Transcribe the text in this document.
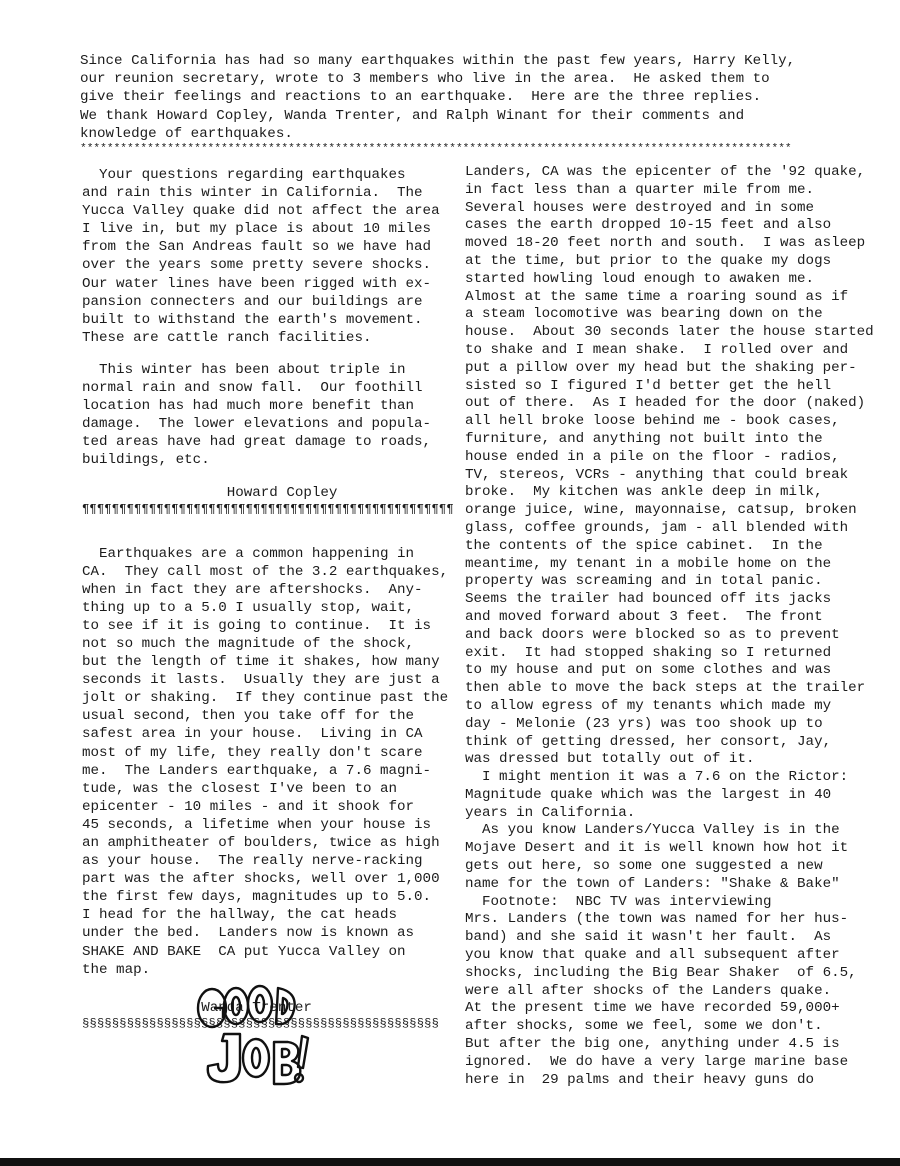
Since California has had so many earthquakes within the past few years, Harry Kelly,
our reunion secretary, wrote to 3 members who live in the area.  He asked them to
give their feelings and reactions to an earthquake.  Here are the three replies.
We thank Howard Copley, Wanda Trenter, and Ralph Winant for their comments and
knowledge of earthquakes.
**********************************************************************************************************
Your questions regarding earthquakes
and rain this winter in California.  The
Yucca Valley quake did not affect the area
I live in, but my place is about 10 miles
from the San Andreas fault so we have had
over the years some pretty severe shocks.
Our water lines have been rigged with ex-
pansion connecters and our buildings are
built to withstand the earth's movement.
These are cattle ranch facilities.
This winter has been about triple in
normal rain and snow fall.  Our foothill
location has had much more benefit than
damage.  The lower elevations and popula-
ted areas have had great damage to roads,
buildings, etc.
Howard Copley
¶¶¶¶¶¶¶¶¶¶¶¶¶¶¶¶¶¶¶¶¶¶¶¶¶¶¶¶¶¶¶¶¶¶¶¶¶¶¶¶¶¶¶¶¶¶¶¶¶¶
Earthquakes are a common happening in
CA.  They call most of the 3.2 earthquakes,
when in fact they are aftershocks.  Any-
thing up to a 5.0 I usually stop, wait,
to see if it is going to continue.  It is
not so much the magnitude of the shock,
but the length of time it shakes, how many
seconds it lasts.  Usually they are just a
jolt or shaking.  If they continue past the
usual second, then you take off for the
safest area in your house.  Living in CA
most of my life, they really don't scare
me.  The Landers earthquake, a 7.6 magni-
tude, was the closest I've been to an
epicenter - 10 miles - and it shook for
45 seconds, a lifetime when your house is
an amphitheater of boulders, twice as high
as your house.  The really nerve-racking
part was the after shocks, well over 1,000
the first few days, magnitudes up to 5.0.
I head for the hallway, the cat heads
under the bed.  Landers now is known as
SHAKE AND BAKE  CA put Yucca Valley on
the map.
Wanda Trenter
§§§§§§§§§§§§§§§§§§§§§§§§§§§§§§§§§§§§§§§§§§§§§§§§
Landers, CA was the epicenter of the '92 quake,
in fact less than a quarter mile from me.
Several houses were destroyed and in some
cases the earth dropped 10-15 feet and also
moved 18-20 feet north and south.  I was asleep
at the time, but prior to the quake my dogs
started howling loud enough to awaken me.
Almost at the same time a roaring sound as if
a steam locomotive was bearing down on the
house.  About 30 seconds later the house started
to shake and I mean shake.  I rolled over and
put a pillow over my head but the shaking per-
sisted so I figured I'd better get the hell
out of there.  As I headed for the door (naked)
all hell broke loose behind me - book cases,
furniture, and anything not built into the
house ended in a pile on the floor - radios,
TV, stereos, VCRs - anything that could break
broke.  My kitchen was ankle deep in milk,
orange juice, wine, mayonnaise, catsup, broken
glass, coffee grounds, jam - all blended with
the contents of the spice cabinet.  In the
meantime, my tenant in a mobile home on the
property was screaming and in total panic.
Seems the trailer had bounced off its jacks
and moved forward about 3 feet.  The front
and back doors were blocked so as to prevent
exit.  It had stopped shaking so I returned
to my house and put on some clothes and was
then able to move the back steps at the trailer
to allow egress of my tenants which made my
day - Melonie (23 yrs) was too shook up to
think of getting dressed, her consort, Jay,
was dressed but totally out of it.
I might mention it was a 7.6 on the Rictor:
Magnitude quake which was the largest in 40
years in California.
As you know Landers/Yucca Valley is in the
Mojave Desert and it is well known how hot it
gets out here, so some one suggested a new
name for the town of Landers: "Shake & Bake"
Footnote:  NBC TV was interviewing
Mrs. Landers (the town was named for her hus-
band) and she said it wasn't her fault.  As
you know that quake and all subsequent after
shocks, including the Big Bear Shaker  of 6.5,
were all after shocks of the Landers quake.
At the present time we have recorded 59,000+
after shocks, some we feel, some we don't.
But after the big one, anything under 4.5 is
ignored.  We do have a very large marine base
here in  29 palms and their heavy guns do
